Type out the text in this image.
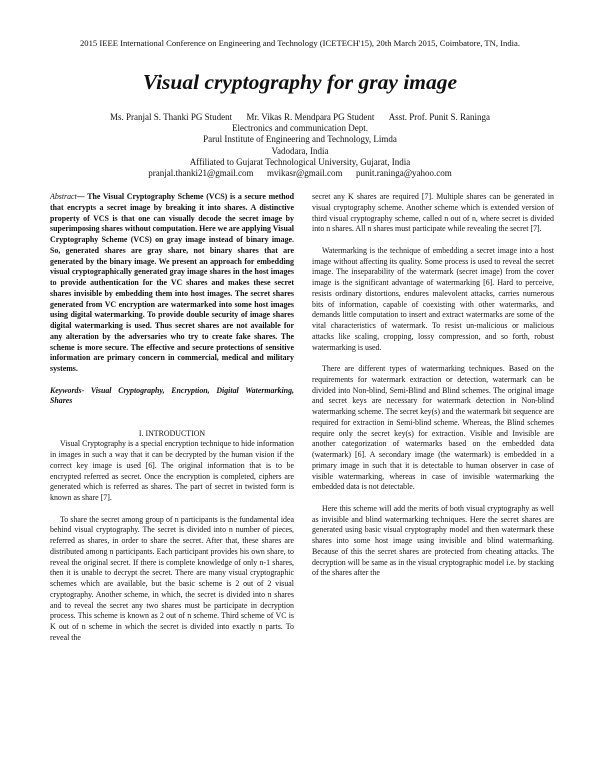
2015 IEEE International Conference on Engineering and Technology (ICETECH'15), 20th March 2015, Coimbatore, TN, India.
Visual cryptography for gray image
Ms. Pranjal S. Thanki PG Student Mr. Vikas R. Mendpara PG Student Asst. Prof. Punit S. Raninga
Electronics and communication Dept.
Parul Institute of Engineering and Technology, Limda
Vadodara, India
Affiliated to Gujarat Technological University, Gujarat, India
pranjal.thanki21@gmail.com      mvikasr@gmail.com      punit.raninga@yahoo.com

Abstract— The Visual Cryptography Scheme (VCS) is a secure method that encrypts a secret image by breaking it into shares. A distinctive property of VCS is that one can visually decode the secret image by superimposing shares without computation. Here we are applying Visual Cryptography Scheme (VCS) on gray image instead of binary image. So, generated shares are gray share, not binary shares that are generated by the binary image. We present an approach for embedding visual cryptographically generated gray image shares in the host images to provide authentication for the VC shares and makes these secret shares invisible by embedding them into host images. The secret shares generated from VC encryption are watermarked into some host images using digital watermarking. To provide double security of image shares digital watermarking is used. Thus secret shares are not available for any alteration by the adversaries who try to create fake shares. The scheme is more secure. The effective and secure protections of sensitive information are primary concern in commercial, medical and military systems.

Keywords- Visual Cryptography, Encryption, Digital Watermarking, Shares

I. INTRODUCTION

Visual Cryptography is a special encryption technique to hide information in images in such a way that it can be decrypted by the human vision if the correct key image is used [6]. The original information that is to be encrypted referred as secret. Once the encryption is completed, ciphers are generated which is referred as shares. The part of secret in twisted form is known as share [7].

To share the secret among group of n participants is the fundamental idea behind visual cryptography. The secret is divided into n number of pieces, referred as shares, in order to share the secret. After that, these shares are distributed among n participants. Each participant provides his own share, to reveal the original secret. If there is complete knowledge of only n-1 shares, then it is unable to decrypt the secret. There are many visual cryptographic schemes which are available, but the basic scheme is 2 out of 2 visual cryptography. Another scheme, in which, the secret is divided into n shares and to reveal the secret any two shares must be participate in decryption process. This scheme is known as 2 out of n scheme. Third scheme of VC is K out of n scheme in which the secret is divided into exactly n parts. To reveal the

secret any K shares are required [7]. Multiple shares can be generated in visual cryptography scheme. Another scheme which is extended version of third visual cryptography scheme, called n out of n, where secret is divided into n shares. All n shares must participate while revealing the secret [7].

Watermarking is the technique of embedding a secret image into a host image without affecting its quality. Some process is used to reveal the secret image. The inseparability of the watermark (secret image) from the cover image is the significant advantage of watermarking [6]. Hard to perceive, resists ordinary distortions, endures malevolent attacks, carries numerous bits of information, capable of coexisting with other watermarks, and demands little computation to insert and extract watermarks are some of the vital characteristics of watermark. To resist un-malicious or malicious attacks like scaling, cropping, lossy compression, and so forth, robust watermarking is used.

There are different types of watermarking techniques. Based on the requirements for watermark extraction or detection, watermark can be divided into Non-blind, Semi-Blind and Blind schemes. The original image and secret keys are necessary for watermark detection in Non-blind watermarking scheme. The secret key(s) and the watermark bit sequence are required for extraction in Semi-blind scheme. Whereas, the Blind schemes require only the secret key(s) for extraction. Visible and Invisible are another categorization of watermarks based on the embedded data (watermark) [6]. A secondary image (the watermark) is embedded in a primary image in such that it is detectable to human observer in case of visible watermarking, whereas in case of invisible watermarking the embedded data is not detectable.

Here this scheme will add the merits of both visual cryptography as well as invisible and blind watermarking techniques. Here the secret shares are generated using basic visual cryptography model and then watermark these shares into some host image using invisible and blind watermarking. Because of this the secret shares are protected from cheating attacks. The decryption will be same as in the visual cryptographic model i.e. by stacking of the shares after the
